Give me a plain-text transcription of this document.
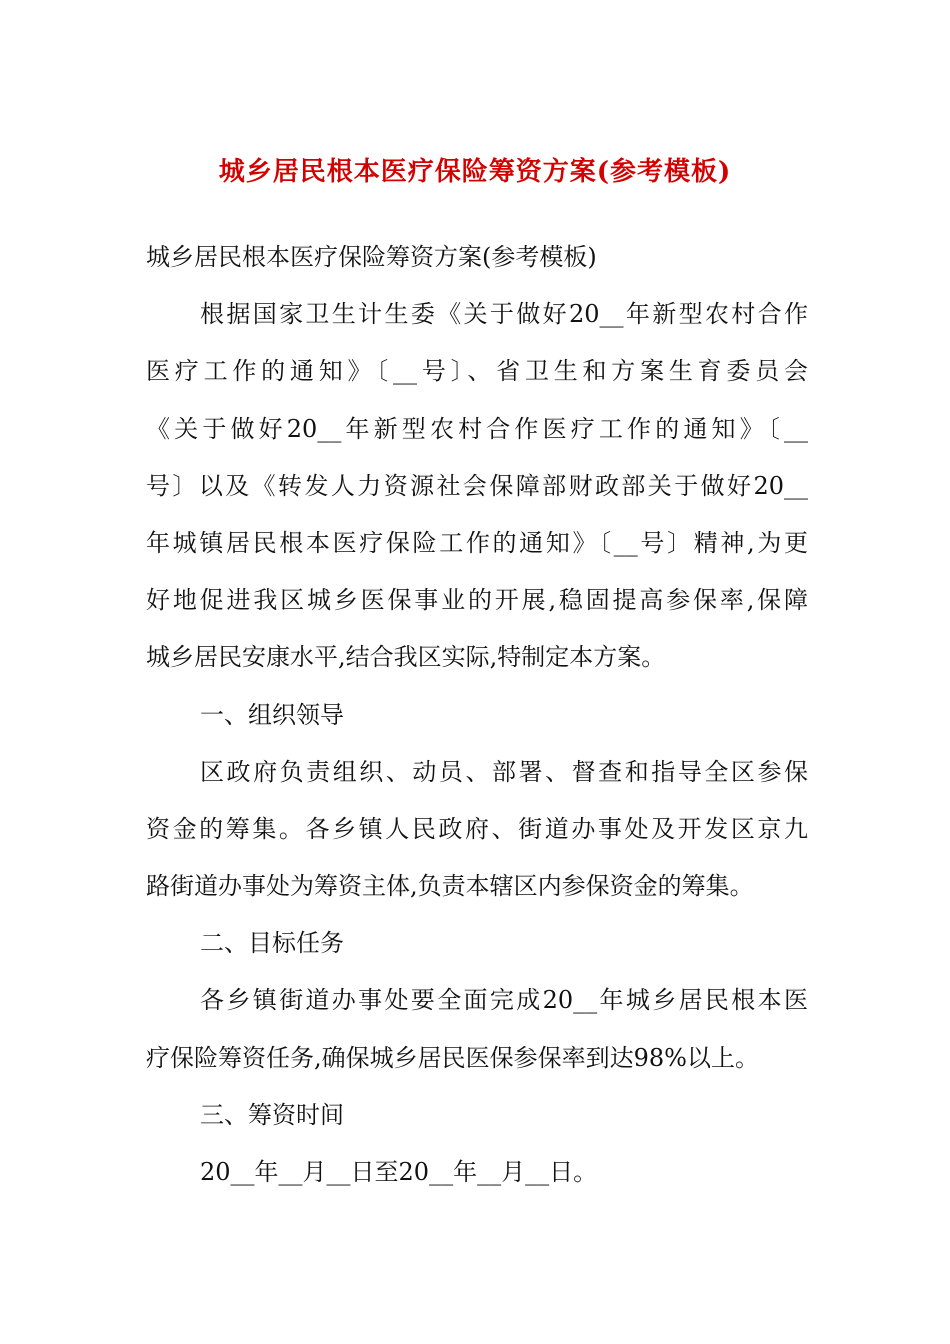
城乡居民根本医疗保险筹资方案(参考模板)
城乡居民根本医疗保险筹资方案(参考模板)
根据国家卫生计生委《关于做好20__年新型农村合作
医疗工作的通知》〔__号〕、省卫生和方案生育委员会
《关于做好20__年新型农村合作医疗工作的通知》〔__
号〕以及《转发人力资源社会保障部财政部关于做好20__
年城镇居民根本医疗保险工作的通知》〔__号〕精神,为更
好地促进我区城乡医保事业的开展,稳固提高参保率,保障
城乡居民安康水平,结合我区实际,特制定本方案。
一、组织领导
区政府负责组织、动员、部署、督查和指导全区参保
资金的筹集。各乡镇人民政府、街道办事处及开发区京九
路街道办事处为筹资主体,负责本辖区内参保资金的筹集。
二、目标任务
各乡镇街道办事处要全面完成20__年城乡居民根本医
疗保险筹资任务,确保城乡居民医保参保率到达98%以上。
三、筹资时间
20__年__月__日至20__年__月__日。
